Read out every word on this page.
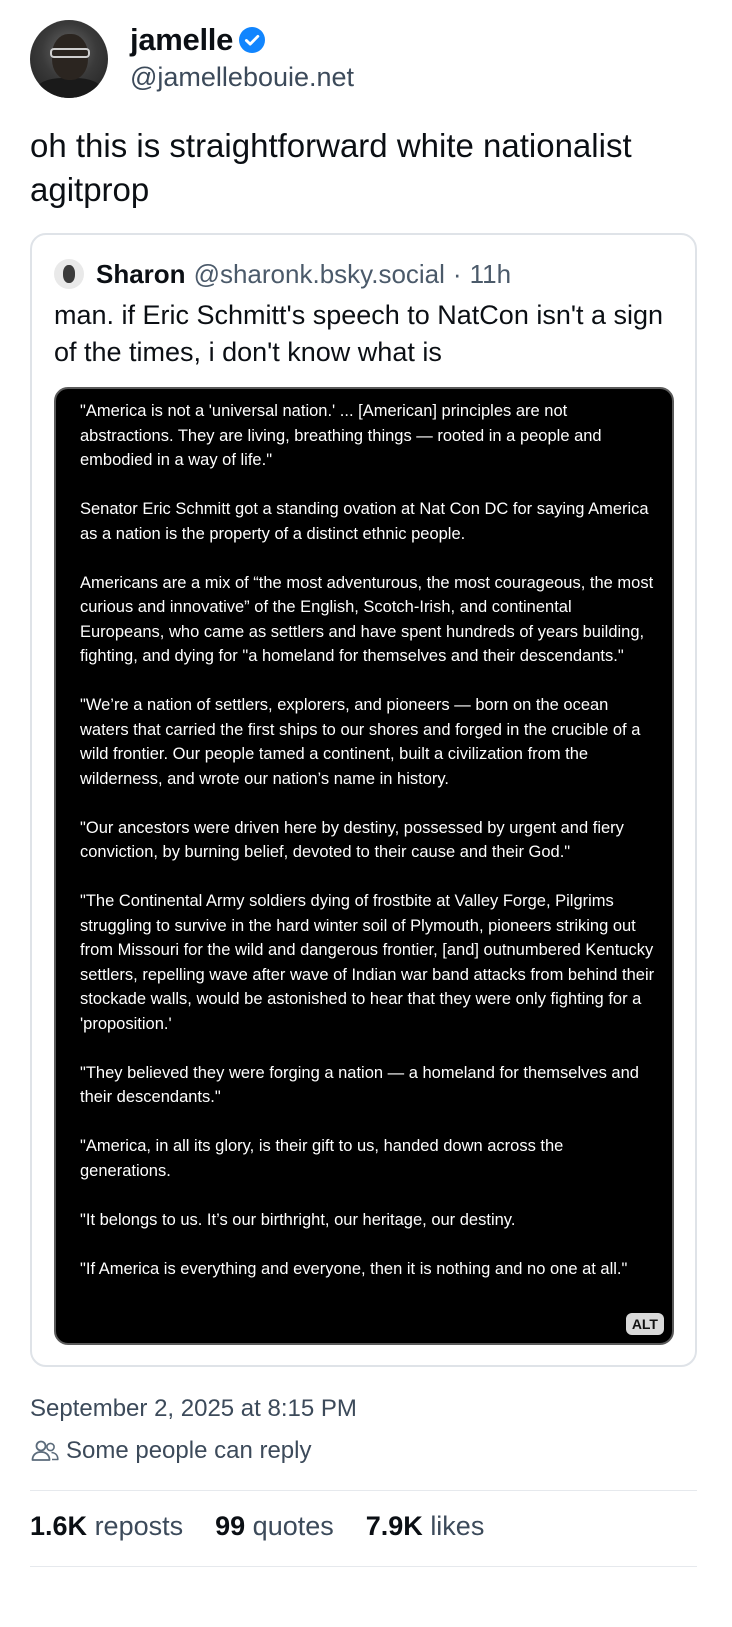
jamelle
@jamellebouie.net
oh this is straightforward white nationalist agitprop
Sharon @sharonk.bsky.social · 11h
man. if Eric Schmitt's speech to NatCon isn't a sign of the times, i don't know what is

"America is not a 'universal nation.' ... [American] principles are not abstractions. They are living, breathing things — rooted in a people and embodied in a way of life."

Senator Eric Schmitt got a standing ovation at Nat Con DC for saying America as a nation is the property of a distinct ethnic people.

Americans are a mix of “the most adventurous, the most courageous, the most curious and innovative” of the English, Scotch-Irish, and continental Europeans, who came as settlers and have spent hundreds of years building, fighting, and dying for "a homeland for themselves and their descendants."

"We’re a nation of settlers, explorers, and pioneers — born on the ocean waters that carried the first ships to our shores and forged in the crucible of a wild frontier. Our people tamed a continent, built a civilization from the wilderness, and wrote our nation’s name in history.

"Our ancestors were driven here by destiny, possessed by urgent and fiery conviction, by burning belief, devoted to their cause and their God."

"The Continental Army soldiers dying of frostbite at Valley Forge, Pilgrims struggling to survive in the hard winter soil of Plymouth, pioneers striking out from Missouri for the wild and dangerous frontier, [and] outnumbered Kentucky settlers, repelling wave after wave of Indian war band attacks from behind their stockade walls, would be astonished to hear that they were only fighting for a 'proposition.'

"They believed they were forging a nation — a homeland for themselves and their descendants."

"America, in all its glory, is their gift to us, handed down across the generations.

"It belongs to us. It’s our birthright, our heritage, our destiny.

"If America is everything and everyone, then it is nothing and no one at all."

ALT
September 2, 2025 at 8:15 PM
Some people can reply
1.6K reposts 99 quotes 7.9K likes
